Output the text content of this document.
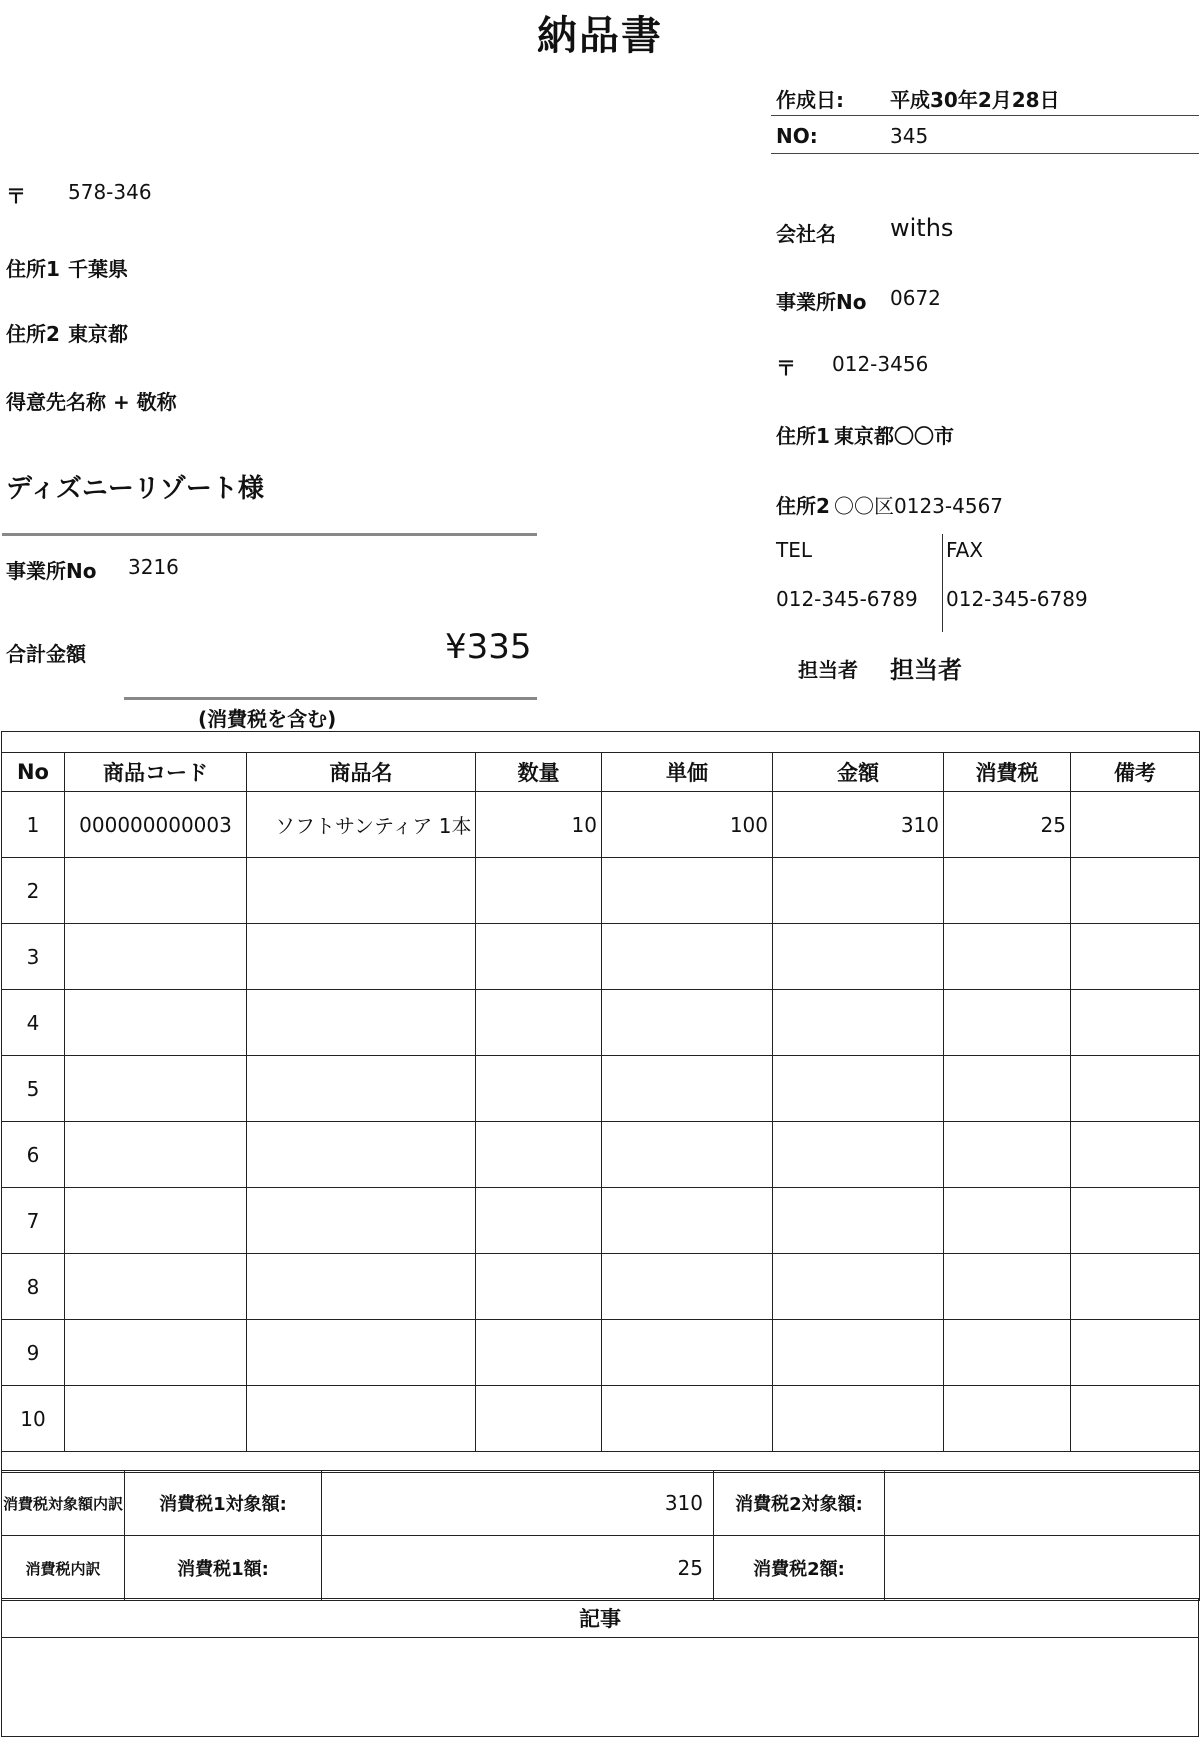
納品書
作成日: 平成30年2月28日
NO:	345
〒 578-346
住所1 千葉県
住所2 東京都
得意先名称 + 敬称
ディズニーリゾート様
事業所No 3216
合計金額	¥335
(消費税を含む)
会社名 withs
事業所No 0672
〒 012-3456
住所1 東京都〇〇市
住所2 〇〇区0123-4567
TEL
012-345-6789
FAX
012-345-6789
担当者 担当者

No	商品コード	商品名	数量	単価	金額	消費税	備考
1	000000000003	ソフトサンティア 1本	10	100	310	25	
2							
3							
4							
5							
6							
7							
8							
9							
10							

消費税対象額内訳	消費税1対象額:	310	消費税2対象額:	
消費税内訳	消費税1額:	25	消費税2額:	
記事
